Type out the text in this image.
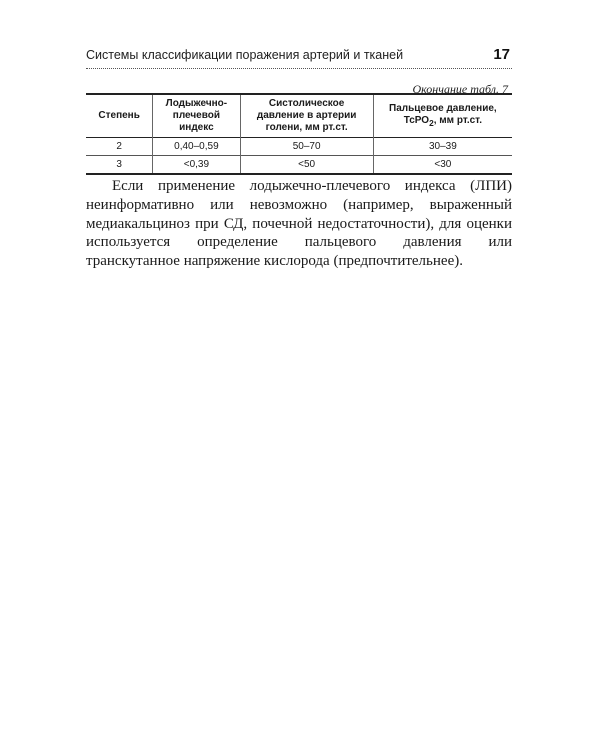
Системы классификации поражения артерий и тканей	17
Окончание табл. 7
Степень	Лодыжечно-плечевой индекс	Систолическое давление в артерии голени, мм рт.ст.	Пальцевое давление, ТсРО$_2$, мм рт.ст.
2	0,40–0,59	50–70	30–39
3	<0,39	<50	<30

Если применение лодыжечно-плечевого индекса (ЛПИ) неинформативно или невозможно (например, выраженный медиакальциноз при СД, почечной недостаточности), для оценки используется определение пальцевого давления или транскутанное напряжение кислорода (предпочтительнее).
